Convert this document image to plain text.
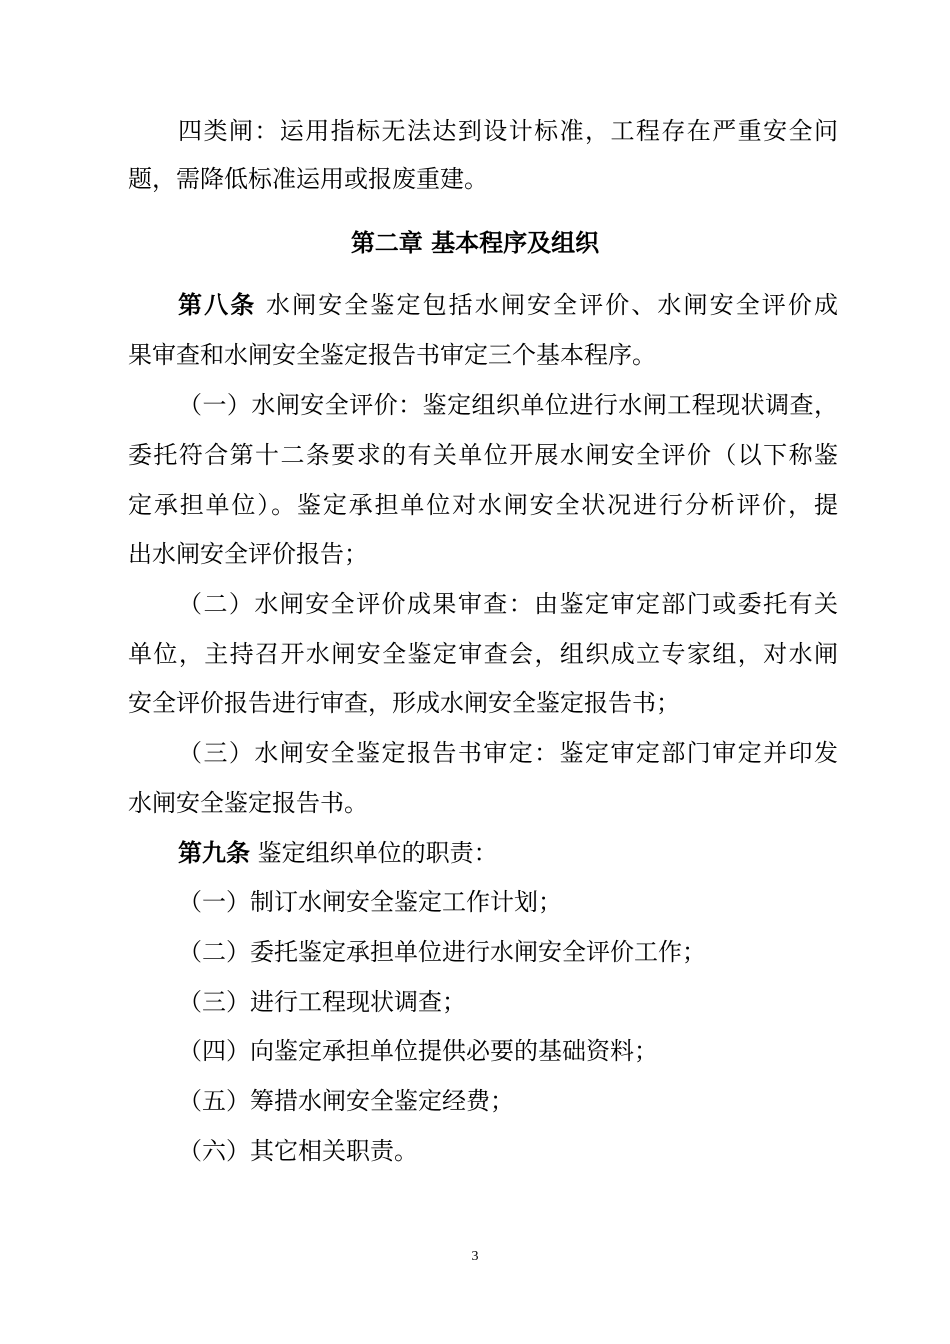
四类闸：运用指标无法达到设计标准，工程存在严重安全问
题，需降低标准运用或报废重建。
第二章 基本程序及组织
第八条 水闸安全鉴定包括水闸安全评价、水闸安全评价成
果审查和水闸安全鉴定报告书审定三个基本程序。
（一）水闸安全评价：鉴定组织单位进行水闸工程现状调查，
委托符合第十二条要求的有关单位开展水闸安全评价（以下称鉴
定承担单位）。鉴定承担单位对水闸安全状况进行分析评价，提
出水闸安全评价报告；
（二）水闸安全评价成果审查：由鉴定审定部门或委托有关
单位，主持召开水闸安全鉴定审查会，组织成立专家组，对水闸
安全评价报告进行审查，形成水闸安全鉴定报告书；
（三）水闸安全鉴定报告书审定：鉴定审定部门审定并印发
水闸安全鉴定报告书。
第九条 鉴定组织单位的职责：
（一）制订水闸安全鉴定工作计划；
（二）委托鉴定承担单位进行水闸安全评价工作；
（三）进行工程现状调查；
（四）向鉴定承担单位提供必要的基础资料；
（五）筹措水闸安全鉴定经费；
（六）其它相关职责。
3
